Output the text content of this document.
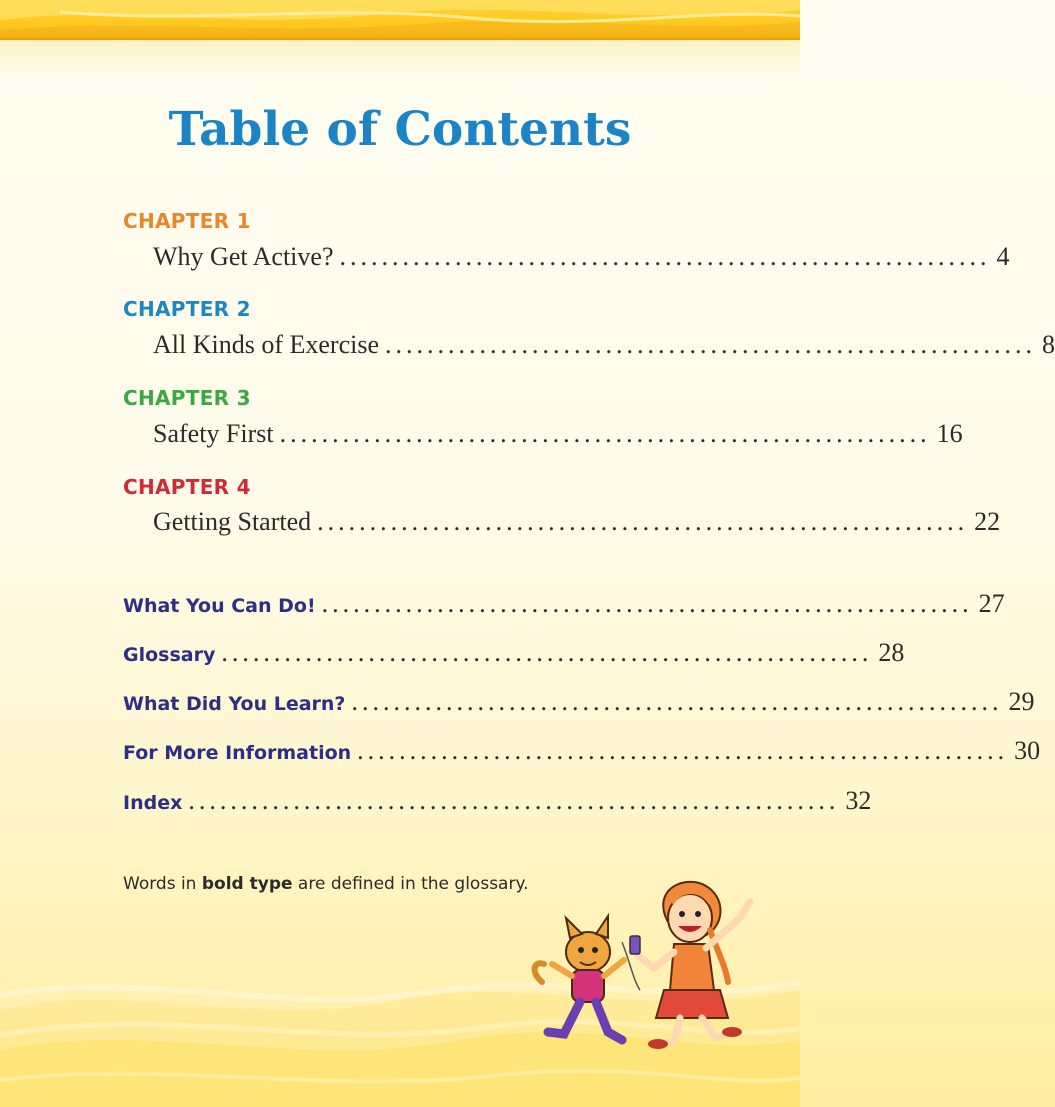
Table of Contents
CHAPTER 1
Why Get Active? .............................................................. 4
CHAPTER 2
All Kinds of Exercise .............................................................. 8
CHAPTER 3
Safety First .............................................................. 16
CHAPTER 4
Getting Started .............................................................. 22
What You Can Do! .............................................................. 27
Glossary .............................................................. 28
What Did You Learn? .............................................................. 29
For More Information .............................................................. 30
Index .............................................................. 32
Words in bold type are defined in the glossary.
